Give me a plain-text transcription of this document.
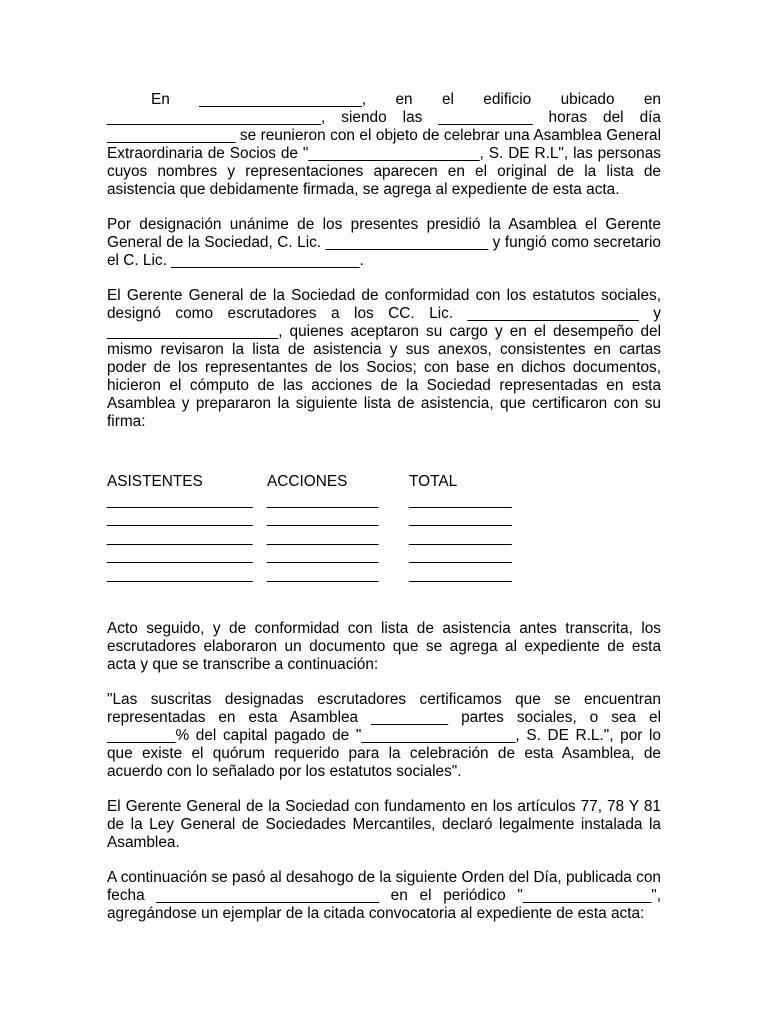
En ___________________, en el edificio ubicado en _________________________, siendo las ___________ horas del día _______________ se reunieron con el objeto de celebrar una Asamblea General Extraordinaria de Socios de "____________________, S. DE R.L", las personas cuyos nombres y representaciones aparecen en el original de la lista de asistencia que debidamente firmada, se agrega al expediente de esta acta.

Por designación unánime de los presentes presidió la Asamblea el Gerente General de la Sociedad, C. Lic. ___________________ y fungió como secretario el C. Lic. ______________________.

El Gerente General de la Sociedad de conformidad con los estatutos sociales, designó como escrutadores a los CC. Lic. ____________________ y ____________________, quienes aceptaron su cargo y en el desempeño del mismo revisaron la lista de asistencia y sus anexos, consistentes en cartas poder de los representantes de los Socios; con base en dichos documentos, hicieron el cómputo de las acciones de la Sociedad representadas en esta Asamblea y prepararon la siguiente lista de asistencia, que certificaron con su firma:

ASISTENTES	ACCIONES	TOTAL
_________________ _____________	____________
_________________ _____________	____________
_________________ _____________	____________
_________________ _____________	____________
_________________ _____________	____________

Acto seguido, y de conformidad con lista de asistencia antes transcrita, los escrutadores elaboraron un documento que se agrega al expediente de esta acta y que se transcribe a continuación:

"Las suscritas designadas escrutadores certificamos que se encuentran representadas en esta Asamblea _________ partes sociales, o sea el ________% del capital pagado de "__________________, S. DE R.L.", por lo que existe el quórum requerido para la celebración de esta Asamblea, de acuerdo con lo señalado por los estatutos sociales".

El Gerente General de la Sociedad con fundamento en los artículos 77, 78 Y 81 de la Ley General de Sociedades Mercantiles, declaró legalmente instalada la Asamblea.

A continuación se pasó al desahogo de la siguiente Orden del Día, publicada con fecha __________________________ en el periódico "_______________", agregándose un ejemplar de la citada convocatoria al expediente de esta acta:
